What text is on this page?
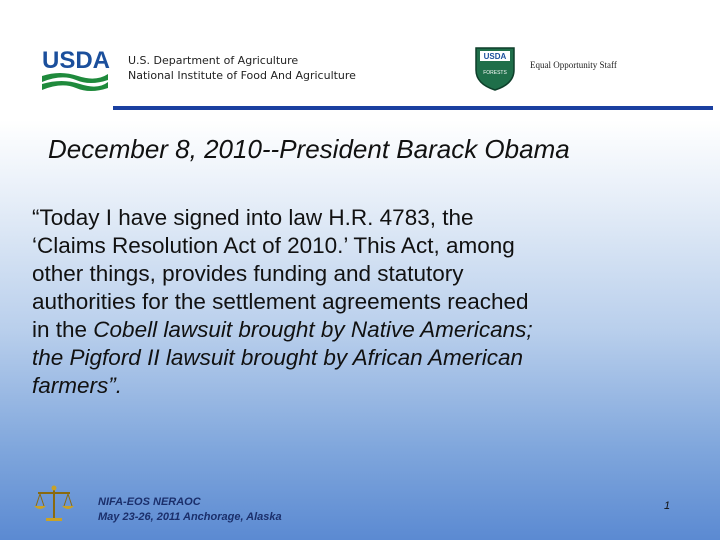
USDA U.S. Department of Agriculture
National Institute of Food And Agriculture
USDA
FORESTS
Equal Opportunity Staff
December 8, 2010--President Barack Obama
“Today I have signed into law H.R. 4783, the
‘Claims Resolution Act of 2010.’ This Act, among
other things, provides funding and statutory
authorities for the settlement agreements reached
in the Cobell lawsuit brought by Native Americans;
the Pigford II lawsuit brought by African American
farmers”.
NIFA-EOS NERAOC
May 23-26, 2011 Anchorage, Alaska
1
